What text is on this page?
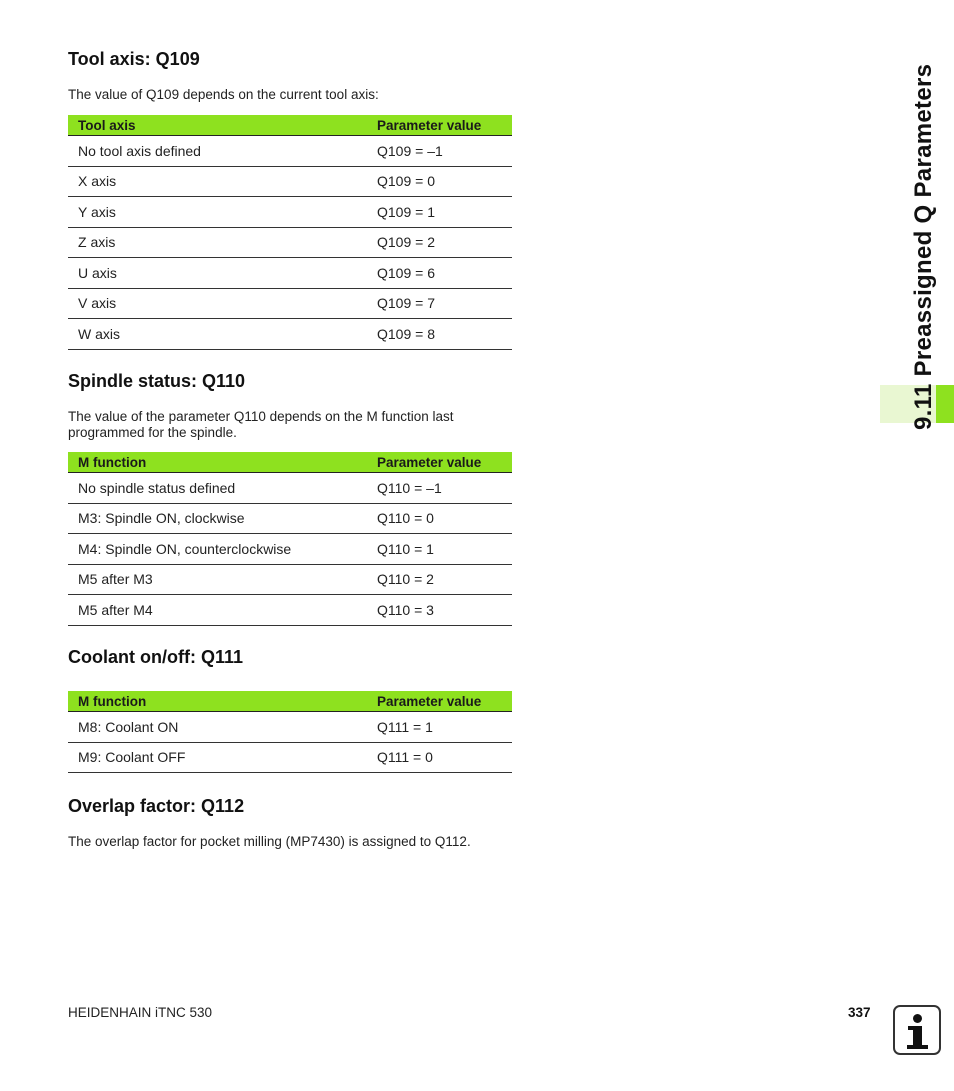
Tool axis: Q109

The value of Q109 depends on the current tool axis:

Tool axis	Parameter value
No tool axis defined	Q109 = –1
X axis	Q109 = 0
Y axis	Q109 = 1
Z axis	Q109 = 2
U axis	Q109 = 6
V axis	Q109 = 7
W axis	Q109 = 8
Spindle status: Q110

The value of the parameter Q110 depends on the M function last programmed for the spindle.

M function	Parameter value
No spindle status defined	Q110 = –1
M3: Spindle ON, clockwise	Q110 = 0
M4: Spindle ON, counterclockwise	Q110 = 1
M5 after M3	Q110 = 2
M5 after M4	Q110 = 3
Coolant on/off: Q111
M function	Parameter value
M8: Coolant ON	Q111 = 1
M9: Coolant OFF	Q111 = 0
Overlap factor: Q112

The overlap factor for pocket milling (MP7430) is assigned to Q112.

9.11 Preassigned Q Parameters
HEIDENHAIN iTNC 530	337
